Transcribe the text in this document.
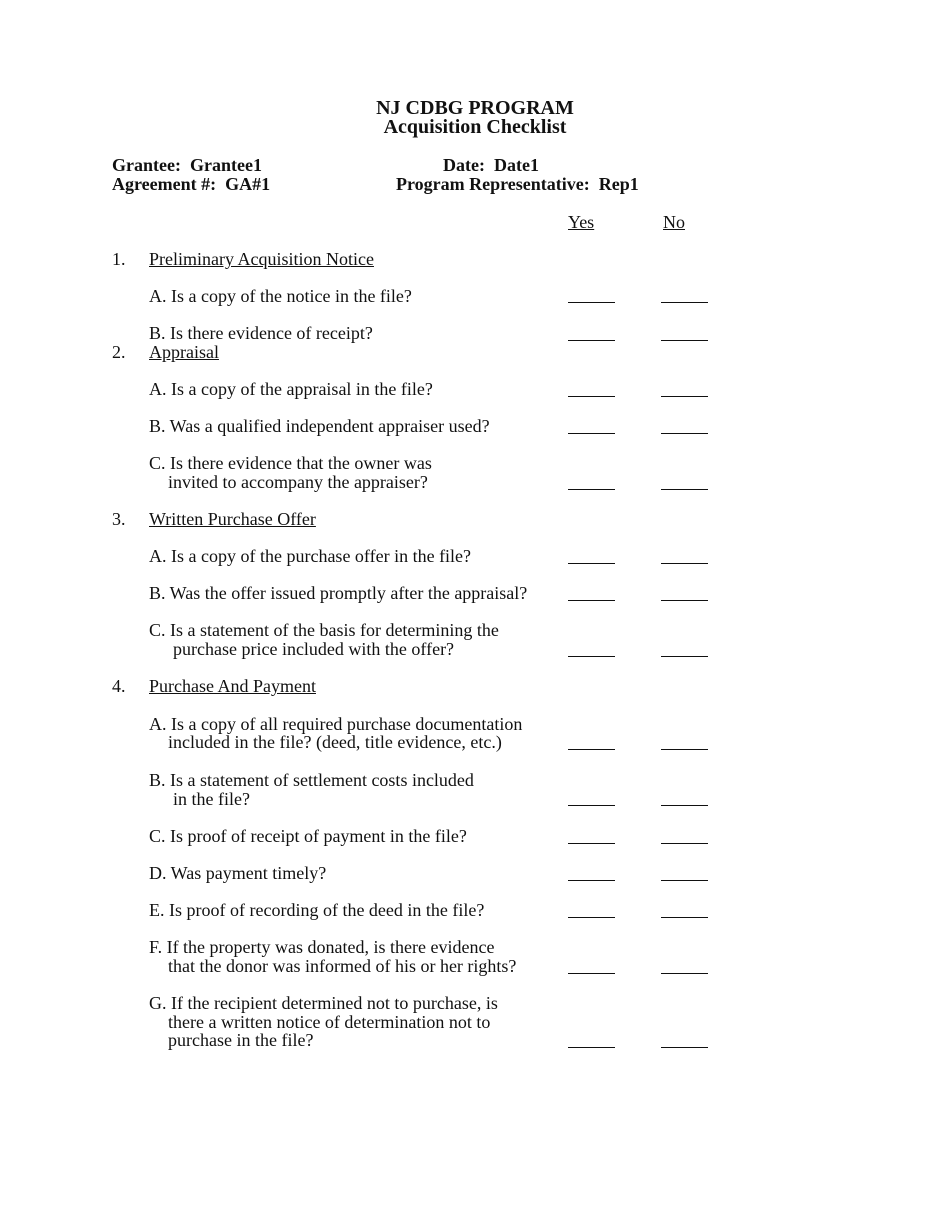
NJ CDBG PROGRAM
Acquisition Checklist
Grantee: Grantee1	Date: Date1
Agreement #: GA#1	Program Representative: Rep1
Yes	No
1. Preliminary Acquisition Notice
A. Is a copy of the notice in the file?
B. Is there evidence of receipt?
2. Appraisal
A. Is a copy of the appraisal in the file?
B. Was a qualified independent appraiser used?
C. Is there evidence that the owner was
invited to accompany the appraiser?
3. Written Purchase Offer
A. Is a copy of the purchase offer in the file?
B. Was the offer issued promptly after the appraisal?
C. Is a statement of the basis for determining the
purchase price included with the offer?
4. Purchase And Payment
A. Is a copy of all required purchase documentation
included in the file? (deed, title evidence, etc.)
B. Is a statement of settlement costs included
in the file?
C. Is proof of receipt of payment in the file?
D. Was payment timely?
E. Is proof of recording of the deed in the file?
F. If the property was donated, is there evidence
that the donor was informed of his or her rights?
G. If the recipient determined not to purchase, is
there a written notice of determination not to
purchase in the file?
